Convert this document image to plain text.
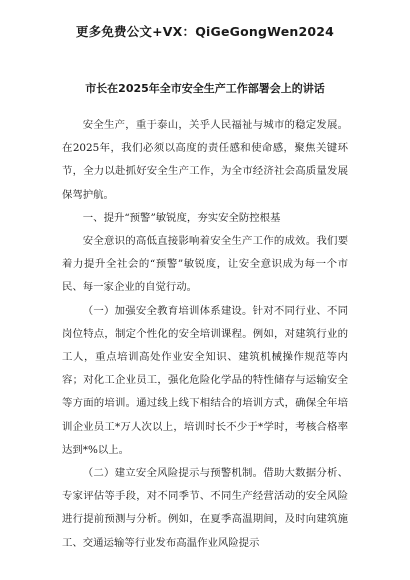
更多免费公文+VX：QiGeGongWen2024
市长在2025年全市安全生产工作部署会上的讲话

安全生产，重于泰山，关乎人民福祉与城市的稳定发展。在2025年，我们必须以高度的责任感和使命感，聚焦关键环节，全力以赴抓好安全生产工作，为全市经济社会高质量发展保驾护航。

一、提升“预警”敏锐度，夯实安全防控根基

安全意识的高低直接影响着安全生产工作的成效。我们要着力提升全社会的“预警”敏锐度，让安全意识成为每一个市民、每一家企业的自觉行动。

（一）加强安全教育培训体系建设。针对不同行业、不同岗位特点，制定个性化的安全培训课程。例如，对建筑行业的工人，重点培训高处作业安全知识、建筑机械操作规范等内容；对化工企业员工，强化危险化学品的特性储存与运输安全等方面的培训。通过线上线下相结合的培训方式，确保全年培训企业员工*万人次以上，培训时长不少于*学时，考核合格率达到*%以上。

（二）建立安全风险提示与预警机制。借助大数据分析、专家评估等手段，对不同季节、不同生产经营活动的安全风险进行提前预测与分析。例如，在夏季高温期间，及时向建筑施工、交通运输等行业发布高温作业风险提示
